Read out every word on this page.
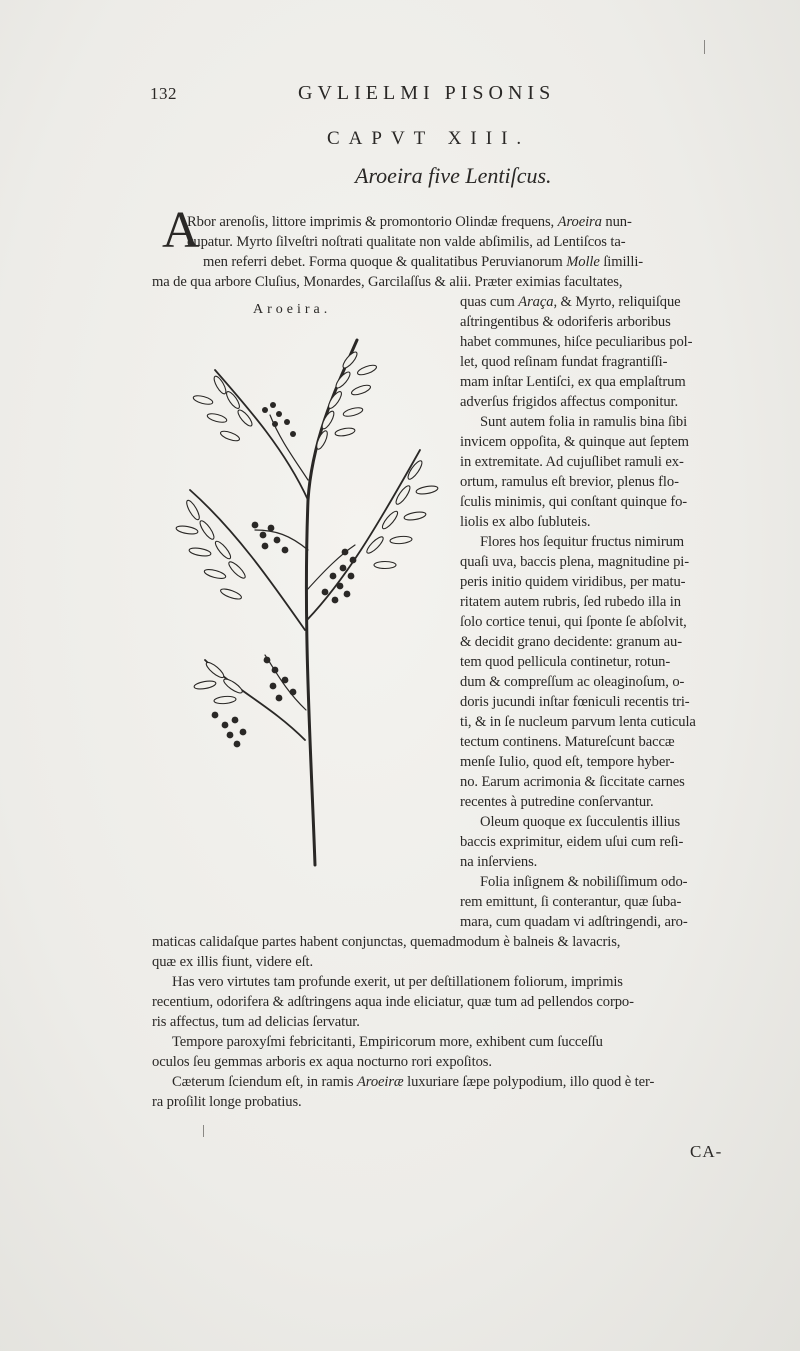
132	GVLIELMI PISONIS
CAPVT XIII.
Aroeira five Lentiſcus.
A
Aroeira.
Rbor arenoſis, littore imprimis & promontorio Olindæ frequens, Aroeira nun-
cupatur. Myrto ſilveſtri noſtrati qualitate non valde abſimilis, ad Lentiſcos ta-
men referri debet. Forma quoque & qualitatibus Peruvianorum Molle ſimilli-
ma de qua arbore Cluſius, Monardes, Garcilaſſus & alii. Præter eximias facultates,
quas cum Araça, & Myrto, reliquiſque
aſtringentibus & odoriferis arboribus
habet communes, hiſce peculiaribus pol-
let, quod reſinam fundat fragrantiſſi-
mam inſtar Lentiſci, ex qua emplaſtrum
adverſus frigidos affectus componitur.
Sunt autem folia in ramulis bina ſibi
invicem oppoſita, & quinque aut ſeptem
in extremitate. Ad cujuſlibet ramuli ex-
ortum, ramulus eſt brevior, plenus flo-
ſculis minimis, qui conſtant quinque fo-
liolis ex albo ſubluteis.
Flores hos ſequitur fructus nimirum
quaſi uva, baccis plena, magnitudine pi-
peris initio quidem viridibus, per matu-
ritatem autem rubris, ſed rubedo illa in
ſolo cortice tenui, qui ſponte ſe abſolvit,
& decidit grano decidente: granum au-
tem quod pellicula continetur, rotun-
dum & compreſſum ac oleaginoſum, o-
doris jucundi inſtar fœniculi recentis tri-
ti, & in ſe nucleum parvum lenta cuticula
tectum continens. Matureſcunt baccæ
menſe Iulio, quod eſt, tempore hyber-
no. Earum acrimonia & ſiccitate carnes
recentes à putredine conſervantur.
Oleum quoque ex ſucculentis illius
baccis exprimitur, eidem uſui cum reſi-
na inſerviens.
Folia inſignem & nobiliſſimum odo-
rem emittunt, ſi conterantur, quæ ſuba-
mara, cum quadam vi adſtringendi, aro-
maticas calidaſque partes habent conjunctas, quemadmodum è balneis & lavacris,
quæ ex illis fiunt, videre eſt.
Has vero virtutes tam profunde exerit, ut per deſtillationem foliorum, imprimis
recentium, odorifera & adſtringens aqua inde eliciatur, quæ tum ad pellendos corpo-
ris affectus, tum ad delicias ſervatur.
Tempore paroxyſmi febricitanti, Empiricorum more, exhibent cum ſucceſſu
oculos ſeu gemmas arboris ex aqua nocturno rori expoſitos.
Cæterum ſciendum eſt, in ramis Aroeiræ luxuriare ſæpe polypodium, illo quod è ter-
ra proſilit longe probatius.
CA-
